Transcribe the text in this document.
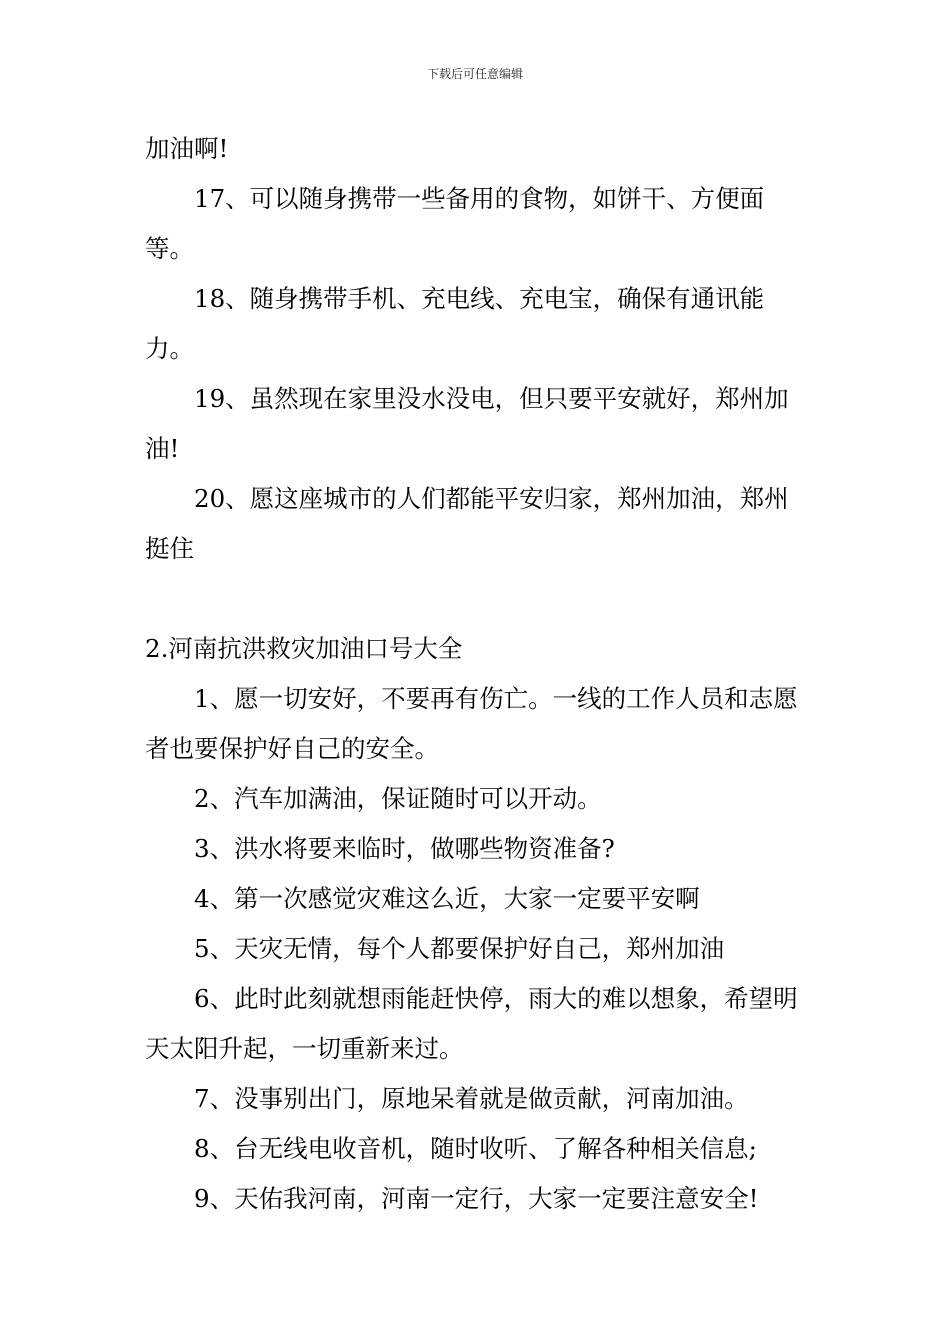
下载后可任意编辑

加油啊!

17、可以随身携带一些备用的食物，如饼干、方便面等。

18、随身携带手机、充电线、充电宝，确保有通讯能力。

19、虽然现在家里没水没电，但只要平安就好，郑州加油!

20、愿这座城市的人们都能平安归家，郑州加油，郑州挺住

2.河南抗洪救灾加油口号大全

1、愿一切安好，不要再有伤亡。一线的工作人员和志愿者也要保护好自己的安全。

2、汽车加满油，保证随时可以开动。

3、洪水将要来临时，做哪些物资准备?

4、第一次感觉灾难这么近，大家一定要平安啊

5、天灾无情，每个人都要保护好自己，郑州加油

6、此时此刻就想雨能赶快停，雨大的难以想象，希望明天太阳升起，一切重新来过。

7、没事别出门，原地呆着就是做贡献，河南加油。

8、台无线电收音机，随时收听、了解各种相关信息;

9、天佑我河南，河南一定行，大家一定要注意安全!
